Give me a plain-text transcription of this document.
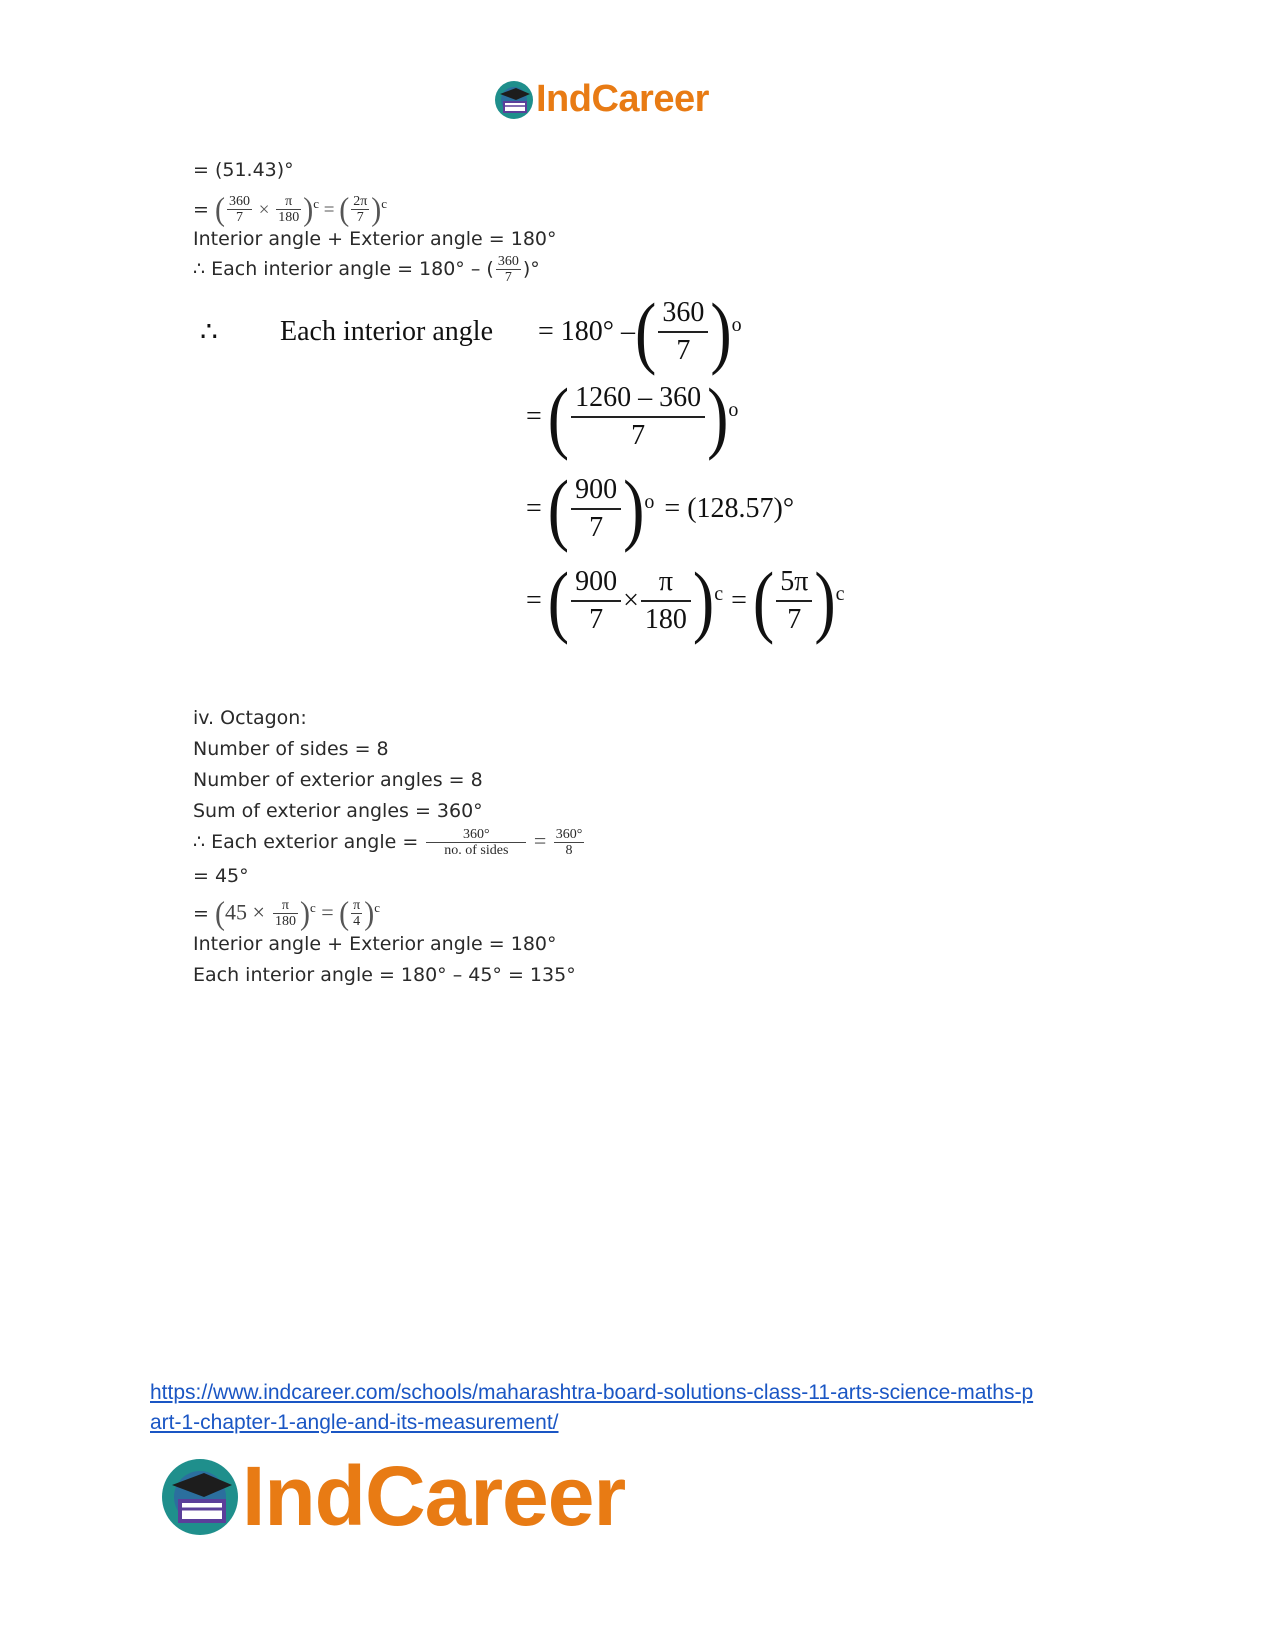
IndCareer
= (51.43)°
= ( $\frac{360}{7} \times \frac{\pi}{180} )^c$ = ( $\frac{2\pi}{7} )^c$
Interior angle + Exterior angle = 180°
∴ Each interior angle = 180° – ( $\frac{360}{7}$ )°
∴	Each interior angle	= 180° – ( $\frac{360}{7}$ ) o
= ( $\frac{1260 - 360}{7}$ ) o
= ( $\frac{900}{7}$ ) o = (128.57)°
= ( $\frac{900}{7} \times \frac{\pi}{180}$ ) c = ( $\frac{5\pi}{7}$ ) c
iv. Octagon:
Number of sides = 8
Number of exterior angles = 8
Sum of exterior angles = 360°
∴ Each exterior angle = $\frac{360^\circ}{\text{no. of sides}} = \frac{360^\circ}{8}$
= 45°
= $(45 \times \frac{\pi}{180} )^c$ = ( $\frac{\pi}{4} )^c$
Interior angle + Exterior angle = 180°
Each interior angle = 180° – 45° = 135°
https://www.indcareer.com/schools/maharashtra-board-solutions-class-11-arts-science-maths-p
art-1-chapter-1-angle-and-its-measurement/
IndCareer
